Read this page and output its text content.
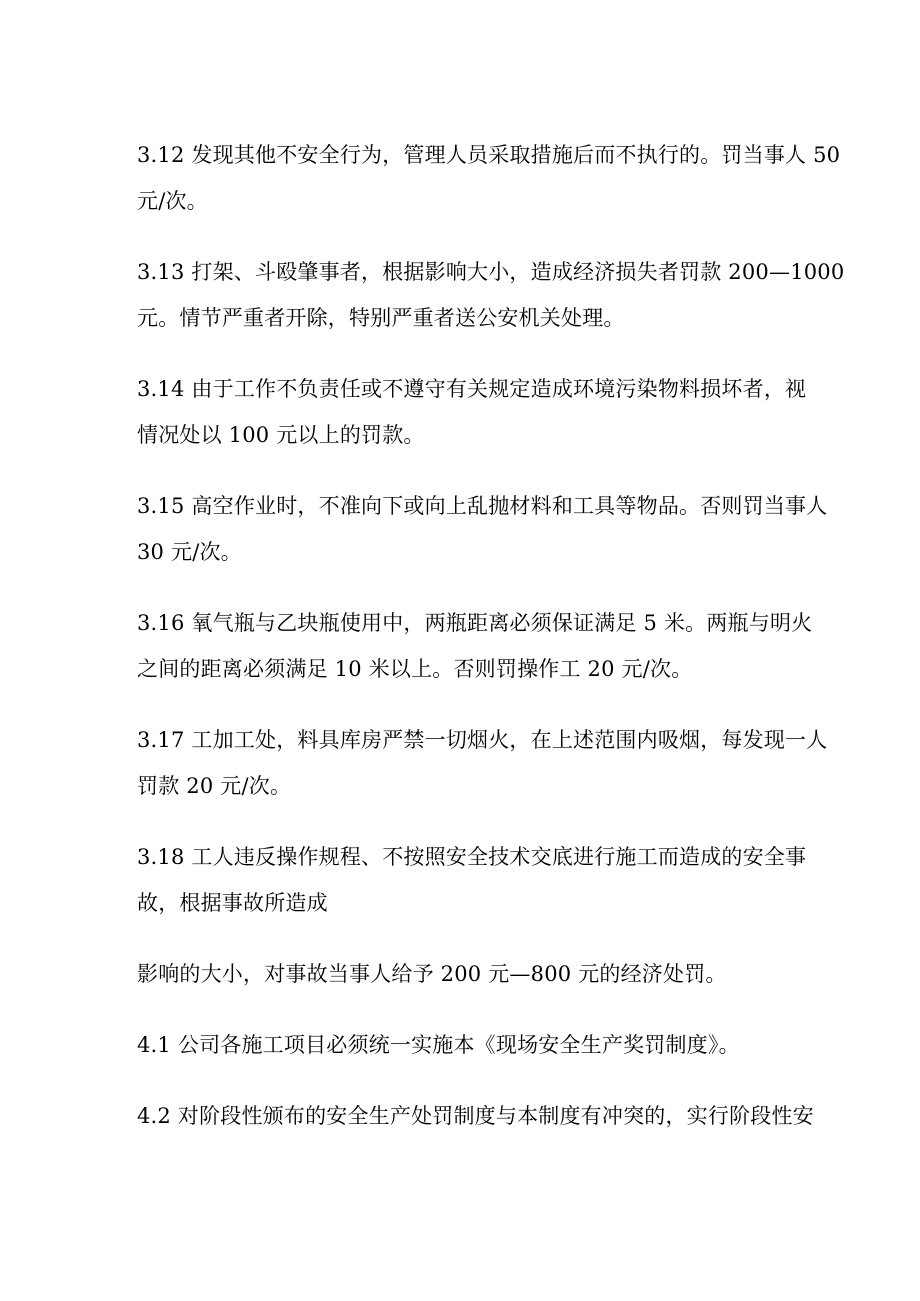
3.12 发现其他不安全行为，管理人员采取措施后而不执行的。罚当事人 50
元/次。
3.13 打架、斗殴肇事者，根据影响大小，造成经济损失者罚款 200—1000
元。情节严重者开除，特别严重者送公安机关处理。
3.14 由于工作不负责任或不遵守有关规定造成环境污染物料损坏者，视
情况处以 100 元以上的罚款。
3.15 高空作业时，不准向下或向上乱抛材料和工具等物品。否则罚当事人
30 元/次。
3.16 氧气瓶与乙块瓶使用中，两瓶距离必须保证满足 5 米。两瓶与明火
之间的距离必须满足 10 米以上。否则罚操作工 20 元/次。
3.17 工加工处，料具库房严禁一切烟火，在上述范围内吸烟，每发现一人
罚款 20 元/次。
3.18 工人违反操作规程、不按照安全技术交底进行施工而造成的安全事
故，根据事故所造成
影响的大小，对事故当事人给予 200 元—800 元的经济处罚。
4.1 公司各施工项目必须统一实施本《现场安全生产奖罚制度》。
4.2 对阶段性颁布的安全生产处罚制度与本制度有冲突的，实行阶段性安
